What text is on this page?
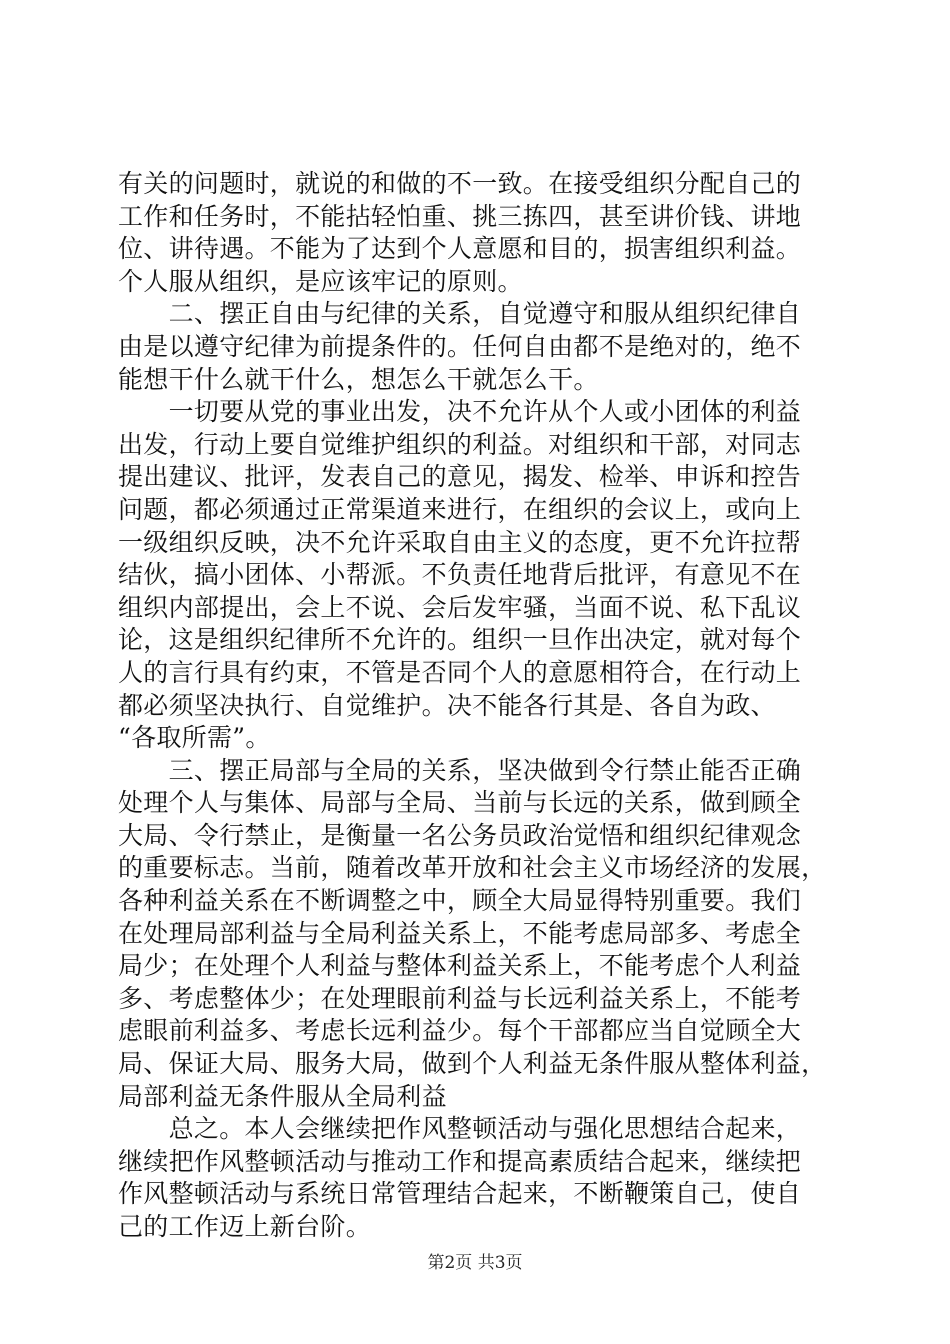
有关的问题时，就说的和做的不一致。在接受组织分配自己的
工作和任务时，不能拈轻怕重、挑三拣四，甚至讲价钱、讲地
位、讲待遇。不能为了达到个人意愿和目的，损害组织利益。
个人服从组织，是应该牢记的原则。
　　二、摆正自由与纪律的关系，自觉遵守和服从组织纪律自
由是以遵守纪律为前提条件的。任何自由都不是绝对的，绝不
能想干什么就干什么，想怎么干就怎么干。
　　一切要从党的事业出发，决不允许从个人或小团体的利益
出发，行动上要自觉维护组织的利益。对组织和干部，对同志
提出建议、批评，发表自己的意见，揭发、检举、申诉和控告
问题，都必须通过正常渠道来进行，在组织的会议上，或向上
一级组织反映，决不允许采取自由主义的态度，更不允许拉帮
结伙，搞小团体、小帮派。不负责任地背后批评，有意见不在
组织内部提出，会上不说、会后发牢骚，当面不说、私下乱议
论，这是组织纪律所不允许的。组织一旦作出决定，就对每个
人的言行具有约束，不管是否同个人的意愿相符合，在行动上
都必须坚决执行、自觉维护。决不能各行其是、各自为政、
“各取所需”。
　　三、摆正局部与全局的关系，坚决做到令行禁止能否正确
处理个人与集体、局部与全局、当前与长远的关系，做到顾全
大局、令行禁止，是衡量一名公务员政治觉悟和组织纪律观念
的重要标志。当前，随着改革开放和社会主义市场经济的发展，
各种利益关系在不断调整之中，顾全大局显得特别重要。我们
在处理局部利益与全局利益关系上，不能考虑局部多、考虑全
局少；在处理个人利益与整体利益关系上，不能考虑个人利益
多、考虑整体少；在处理眼前利益与长远利益关系上，不能考
虑眼前利益多、考虑长远利益少。每个干部都应当自觉顾全大
局、保证大局、服务大局，做到个人利益无条件服从整体利益，
局部利益无条件服从全局利益
　　总之。本人会继续把作风整顿活动与强化思想结合起来，
继续把作风整顿活动与推动工作和提高素质结合起来，继续把
作风整顿活动与系统日常管理结合起来，不断鞭策自己，使自
己的工作迈上新台阶。
第2页 共3页
